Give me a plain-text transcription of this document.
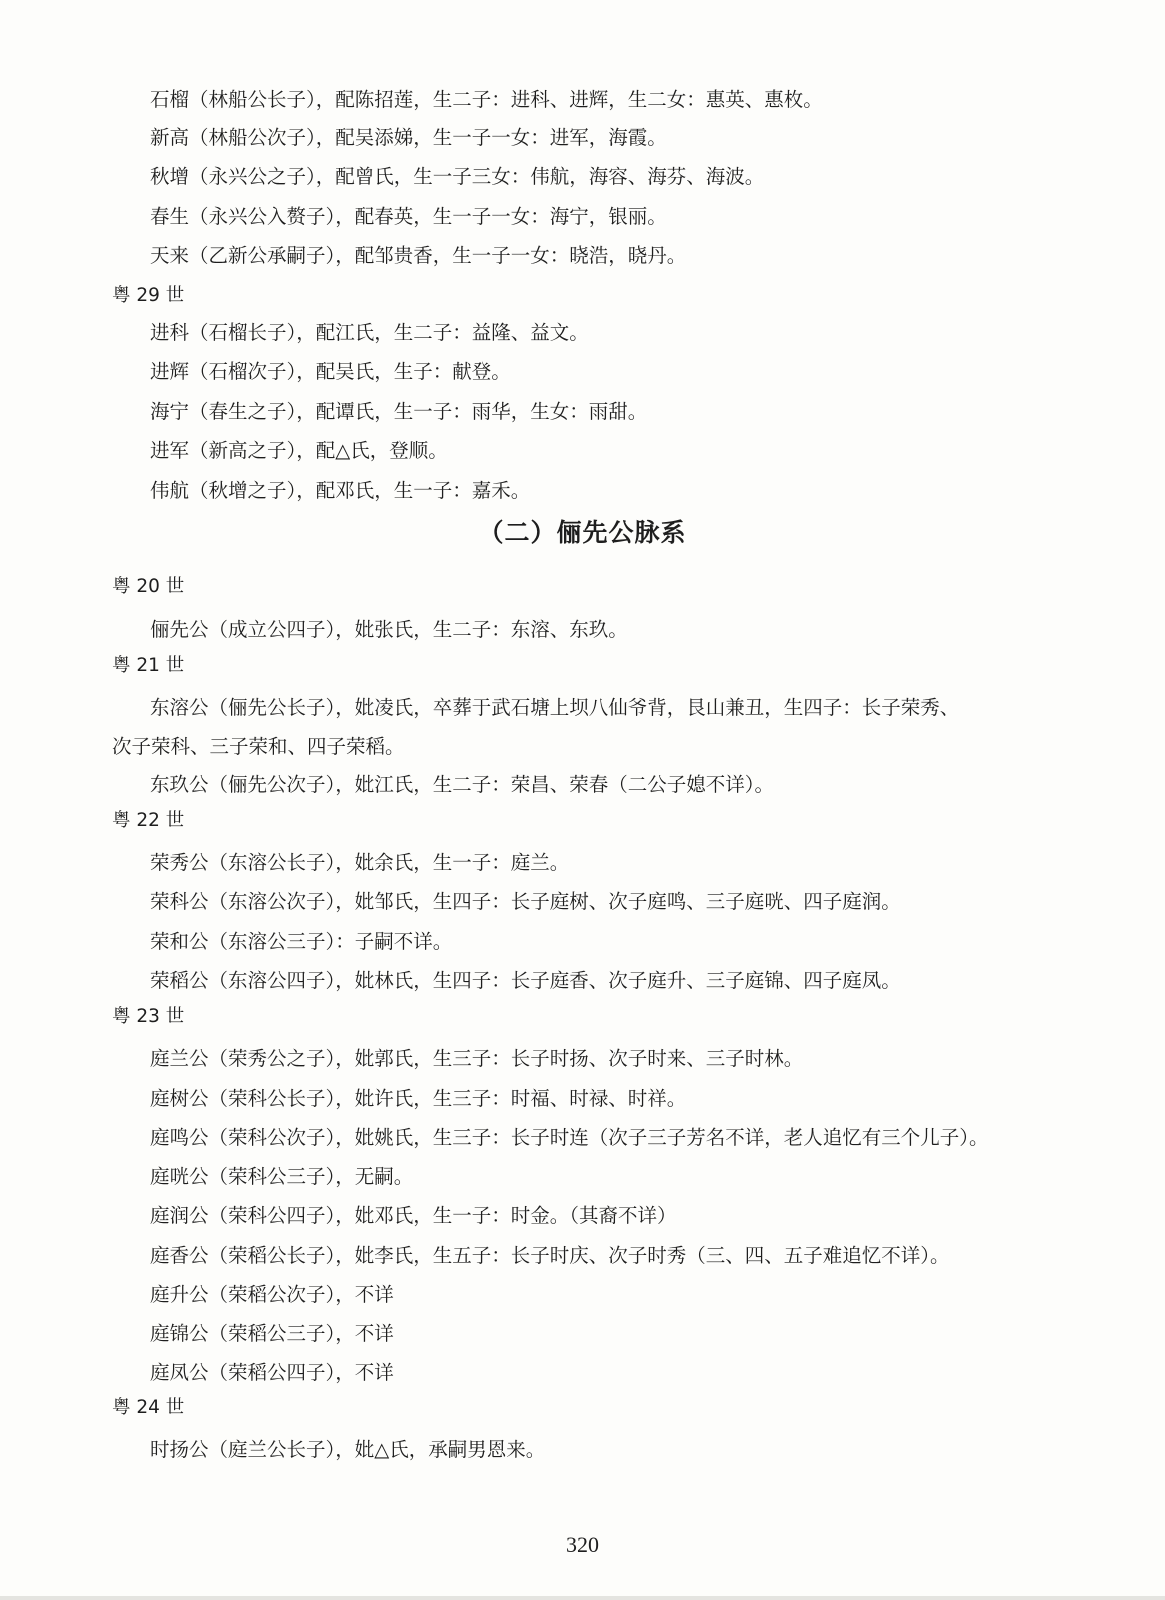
石榴（林船公长子），配陈招莲，生二子：进科、进辉，生二女：惠英、惠枚。
新高（林船公次子），配吴添娣，生一子一女：进军，海霞。
秋增（永兴公之子），配曾氏，生一子三女：伟航，海容、海芬、海波。
春生（永兴公入赘子），配春英，生一子一女：海宁，银丽。
天来（乙新公承嗣子），配邹贵香，生一子一女：晓浩，晓丹。
粤 29 世
进科（石榴长子），配江氏，生二子：益隆、益文。
进辉（石榴次子），配吴氏，生子：献登。
海宁（春生之子），配谭氏，生一子：雨华，生女：雨甜。
进军（新高之子），配△氏，登顺。
伟航（秋增之子），配邓氏，生一子：嘉禾。
粤 20 世
俪先公（成立公四子），妣张氏，生二子：东溶、东玖。
粤 21 世
东溶公（俪先公长子），妣凌氏，卒葬于武石塘上坝八仙爷背，艮山兼丑，生四子：长子荣秀、
次子荣科、三子荣和、四子荣稻。
东玖公（俪先公次子），妣江氏，生二子：荣昌、荣春（二公子媳不详）。
粤 22 世
荣秀公（东溶公长子），妣余氏，生一子：庭兰。
荣科公（东溶公次子），妣邹氏，生四子：长子庭树、次子庭鸣、三子庭咣、四子庭润。
荣和公（东溶公三子）：子嗣不详。
荣稻公（东溶公四子），妣林氏，生四子：长子庭香、次子庭升、三子庭锦、四子庭凤。
粤 23 世
庭兰公（荣秀公之子），妣郭氏，生三子：长子时扬、次子时来、三子时林。
庭树公（荣科公长子），妣许氏，生三子：时福、时禄、时祥。
庭鸣公（荣科公次子），妣姚氏，生三子：长子时连（次子三子芳名不详，老人追忆有三个儿子）。
庭咣公（荣科公三子），无嗣。
庭润公（荣科公四子），妣邓氏，生一子：时金。（其裔不详）
庭香公（荣稻公长子），妣李氏，生五子：长子时庆、次子时秀（三、四、五子难追忆不详）。
庭升公（荣稻公次子），不详
庭锦公（荣稻公三子），不详
庭凤公（荣稻公四子），不详
粤 24 世
时扬公（庭兰公长子），妣△氏，承嗣男恩来。
（二）俪先公脉系
320
